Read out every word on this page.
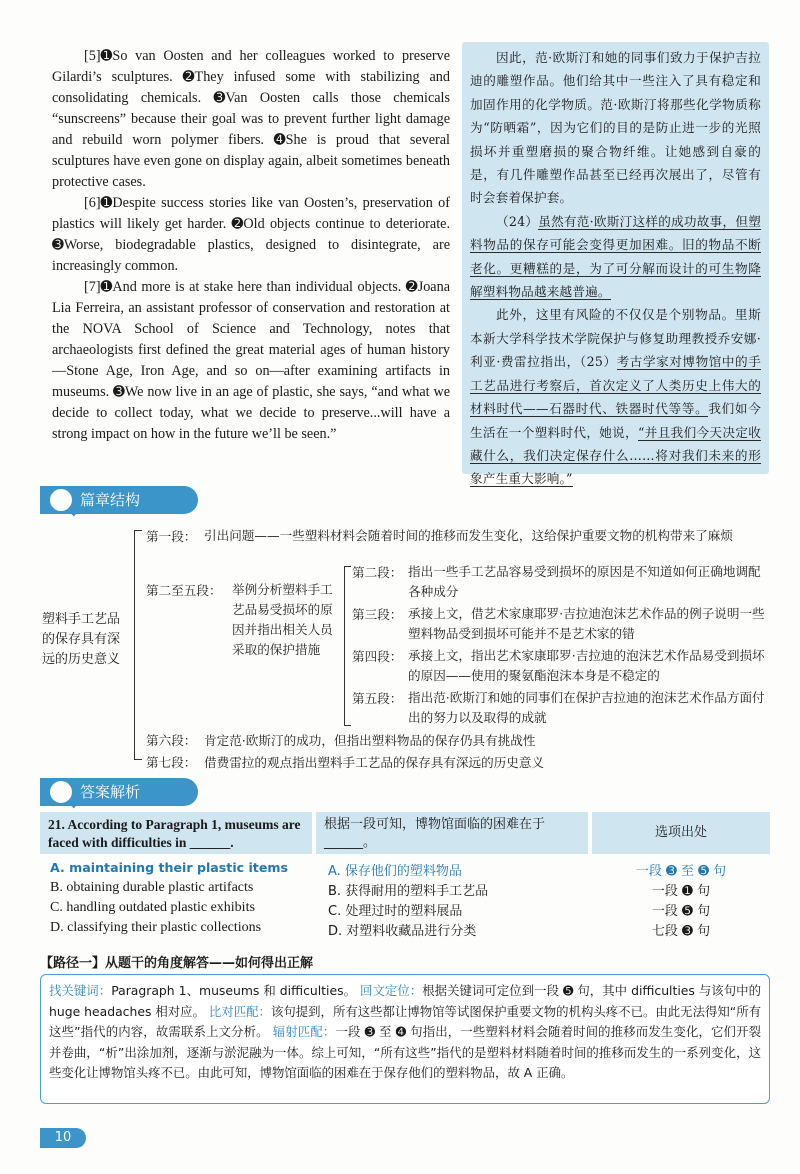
[5]➊So van Oosten and her colleagues worked to preserve Gilardi’s sculptures. ➋They infused some with stabilizing and consolidating chemicals. ➌Van Oosten calls those chemicals “sunscreens” because their goal was to prevent further light damage and rebuild worn polymer fibers. ➍She is proud that several sculptures have even gone on display again, albeit sometimes beneath protective cases.

[6]➊Despite success stories like van Oosten’s, preservation of plastics will likely get harder. ➋Old objects continue to deteriorate. ➌Worse, biodegradable plastics, designed to disintegrate, are increasingly common.

[7]➊And more is at stake here than individual objects. ➋Joana Lia Ferreira, an assistant professor of conservation and restoration at the NOVA School of Science and Technology, notes that archaeologists first defined the great material ages of human history—Stone Age, Iron Age, and so on—after examining artifacts in museums. ➌We now live in an age of plastic, she says, “and what we decide to collect today, what we decide to preserve...will have a strong impact on how in the future we’ll be seen.”

因此，范·欧斯汀和她的同事们致力于保护吉拉迪的雕塑作品。他们给其中一些注入了具有稳定和加固作用的化学物质。范·欧斯汀将那些化学物质称为“防晒霜”，因为它们的目的是防止进一步的光照损坏并重塑磨损的聚合物纤维。让她感到自豪的是，有几件雕塑作品甚至已经再次展出了，尽管有时会套着保护套。

（24）虽然有范·欧斯汀这样的成功故事，但塑料物品的保存可能会变得更加困难。旧的物品不断老化。更糟糕的是，为了可分解而设计的可生物降解塑料物品越来越普遍。

此外，这里有风险的不仅仅是个别物品。里斯本新大学科学技术学院保护与修复助理教授乔安娜·利亚·费雷拉指出，（25）考古学家对博物馆中的手工艺品进行考察后，首次定义了人类历史上伟大的材料时代——石器时代、铁器时代等等。我们如今生活在一个塑料时代，她说，“并且我们今天决定收藏什么，我们决定保存什么……将对我们未来的形象产生重大影响。”

篇章结构
塑料手工艺品的保存具有深远的历史意义
第一段： 引出问题——一些塑料材料会随着时间的推移而发生变化，这给保护重要文物的机构带来了麻烦
第二至五段： 举例分析塑料手工艺品易受损坏的原因并指出相关人员采取的保护措施
第二段： 指出一些手工艺品容易受到损坏的原因是不知道如何正确地调配各种成分
第三段： 承接上文，借艺术家康耶罗·吉拉迪泡沫艺术作品的例子说明一些塑料物品受到损坏可能并不是艺术家的错
第四段： 承接上文，指出艺术家康耶罗·吉拉迪的泡沫艺术作品易受到损坏的原因——使用的聚氨酯泡沫本身是不稳定的
第五段： 指出范·欧斯汀和她的同事们在保护吉拉迪的泡沫艺术作品方面付出的努力以及取得的成就
第六段： 肯定范·欧斯汀的成功，但指出塑料物品的保存仍具有挑战性
第七段： 借费雷拉的观点指出塑料手工艺品的保存具有深远的历史意义
答案解析
21. According to Paragraph 1, museums are faced with difficulties in ______.
根据一段可知，博物馆面临的困难在于______。
选项出处
A. maintaining their plastic items	A. 保存他们的塑料物品	一段 ➌ 至 ➎ 句
B. obtaining durable plastic artifacts	B. 获得耐用的塑料手工艺品	一段 ➊ 句
C. handling outdated plastic exhibits	C. 处理过时的塑料展品	一段 ➎ 句
D. classifying their plastic collections	D. 对塑料收藏品进行分类	七段 ➌ 句
【路径一】从题干的角度解答——如何得出正解

找关键词：Paragraph 1、museums 和 difficulties。 回文定位：根据关键词可定位到一段 ➎ 句，其中 difficulties 与该句中的 huge headaches 相对应。 比对匹配：该句提到，所有这些都让博物馆等试图保护重要文物的机构头疼不已。由此无法得知“所有这些”指代的内容，故需联系上文分析。 辐射匹配：一段 ➌ 至 ➍ 句指出，一些塑料材料会随着时间的推移而发生变化，它们开裂并卷曲，“析”出涂加剂，逐渐与淤泥融为一体。综上可知，“所有这些”指代的是塑料材料随着时间的推移而发生的一系列变化，这些变化让博物馆头疼不已。由此可知，博物馆面临的困难在于保存他们的塑料物品，故 A 正确。

10
